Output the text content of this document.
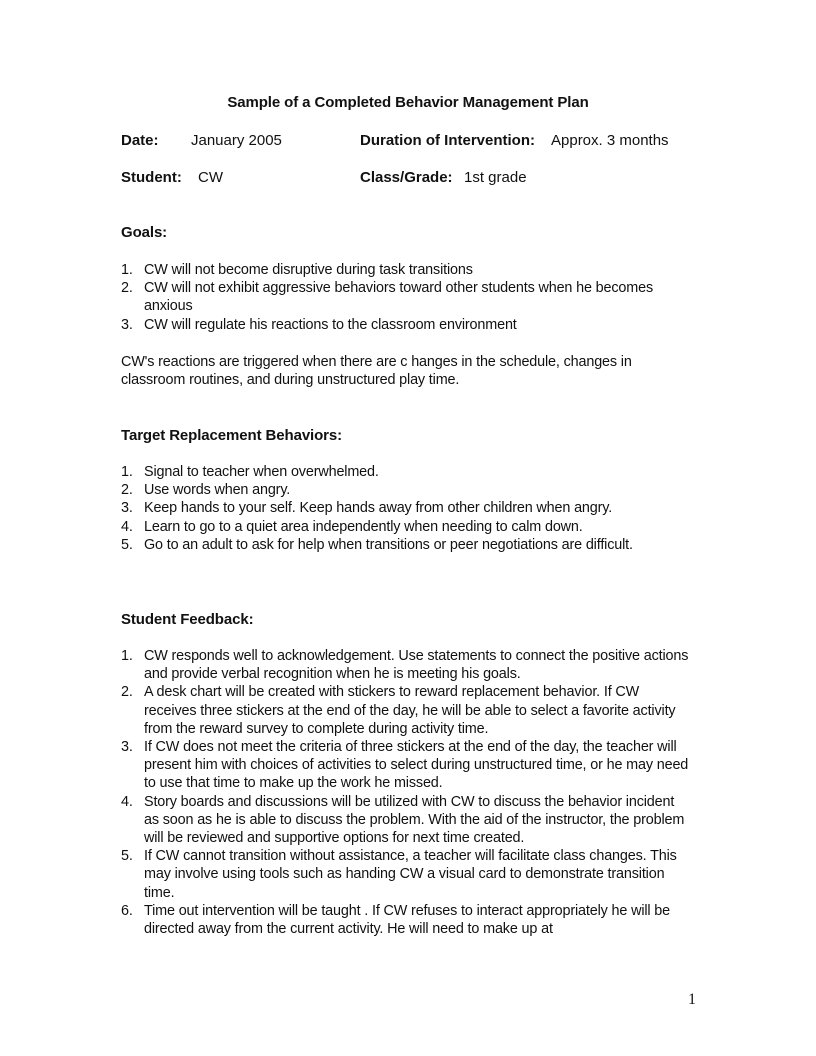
Sample of a Completed Behavior Management Plan
Date: January 2005	Duration of Intervention: Approx. 3 months
Student: CW	Class/Grade: 1st grade
Goals:
1. CW will not become disruptive during task transitions
2. CW will not exhibit aggressive behaviors toward other students when he becomes anxious
3. CW will regulate his reactions to the classroom environment

CW's reactions are triggered when there are c hanges in the schedule, changes in classroom routines, and during unstructured play time.

Target Replacement Behaviors:
1. Signal to teacher when overwhelmed.
2. Use words when angry.
3. Keep hands to your self. Keep hands away from other children when angry.
4. Learn to go to a quiet area independently when needing to calm down.
5. Go to an adult to ask for help when transitions or peer negotiations are difficult.
Student Feedback:
1. CW responds well to acknowledgement. Use statements to connect the positive actions and provide verbal recognition when he is meeting his goals.
2. A desk chart will be created with stickers to reward replacement behavior. If CW receives three stickers at the end of the day, he will be able to select a favorite activity from the reward survey to complete during activity time.
3. If CW does not meet the criteria of three stickers at the end of the day, the teacher will present him with choices of activities to select during unstructured time, or he may need to use that time to make up the work he missed.
4. Story boards and discussions will be utilized with CW to discuss the behavior incident as soon as he is able to discuss the problem. With the aid of the instructor, the problem will be reviewed and supportive options for next time created.
5. If CW cannot transition without assistance, a teacher will facilitate class changes. This may involve using tools such as handing CW a visual card to demonstrate transition time.
6. Time out intervention will be taught . If CW refuses to interact appropriately he will be directed away from the current activity. He will need to make up at
1
